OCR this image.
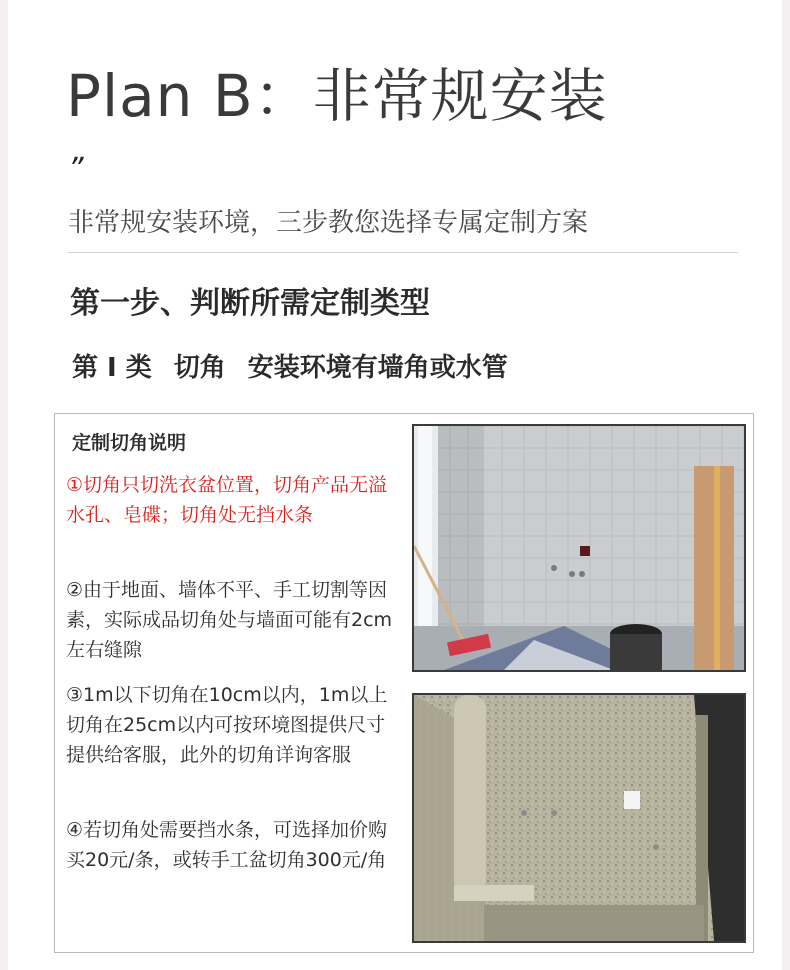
Plan B：非常规安装
”
非常规安装环境，三步教您选择专属定制方案
第一步、判断所需定制类型
第 I 类 切角 安装环境有墙角或水管
定制切角说明
①切角只切洗衣盆位置，切角产品无溢水孔、皂碟；切角处无挡水条
②由于地面、墙体不平、手工切割等因素，实际成品切角处与墙面可能有2cm左右缝隙
③1m以下切角在10cm以内，1m以上切角在25cm以内可按环境图提供尺寸提供给客服，此外的切角详询客服
④若切角处需要挡水条，可选择加价购买20元/条，或转手工盆切角300元/角
